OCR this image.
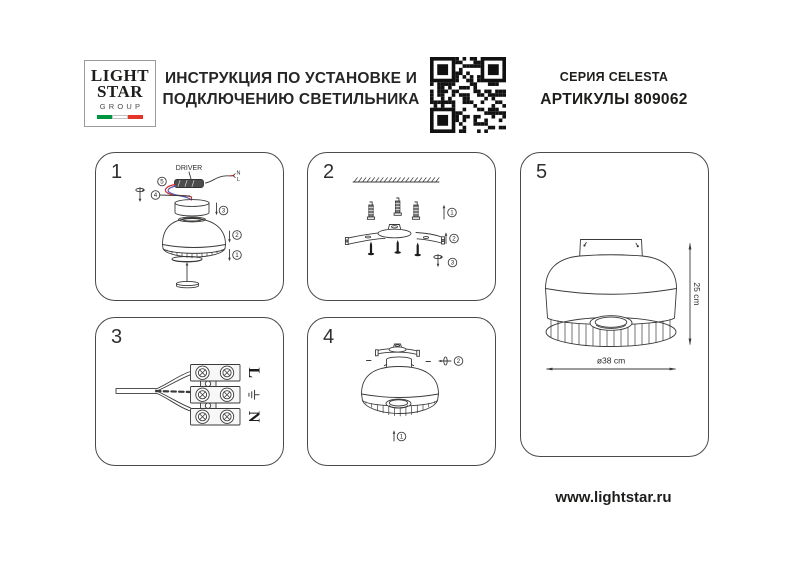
LIGHT
STAR
GROUP
ИНСТРУКЦИЯ ПО УСТАНОВКЕ И
ПОДКЛЮЧЕНИЮ СВЕТИЛЬНИКА
СЕРИЯ CELESTA
АРТИКУЛЫ 809062
1	DRIVER
N
L
5
4
3
2
1
2
1
2
3
3
L
N
4
2
1
5
25 cm
ø38 cm
www.lightstar.ru
